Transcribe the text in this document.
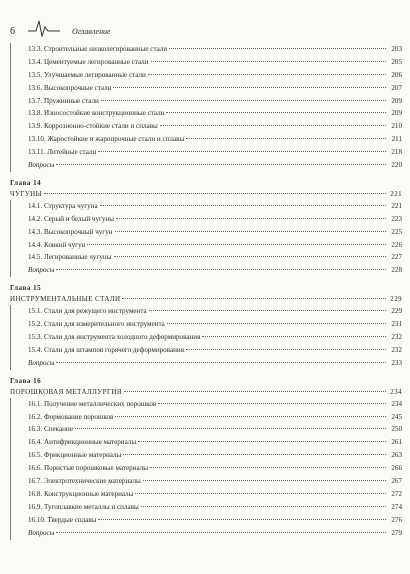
6	Оглавление
13.3. Строительные низколегированные стали	203
13.4. Цементуемые легированные стали	205
13.5. Улучшаемые легированные стали	206
13.6. Высокопрочные стали	207
13.7. Пружинные стали	209
13.8. Износостойкие конструкционные стали	209
13.9. Коррозионно-стойкие стали и сплавы	210
13.10. Жаростойкие и жаропрочные стали и сплавы	211
13.11. Литейные стали	218
Вопросы	220
Глава 14
ЧУГУНЫ	221
14.1. Структура чугуна	221
14.2. Серый и белый чугуны	223
14.3. Высокопрочный чугун	225
14.4. Ковкий чугун	226
14.5. Легированные чугуны	227
Вопросы	228
Глава 15
ИНСТРУМЕНТАЛЬНЫЕ СТАЛИ	229
15.1. Стали для режущего инструмента	229
15.2. Стали для измерительного инструмента	231
15.3. Стали для инструмента холодного деформирования	232
15.4. Стали для штампов горячего деформирования	232
Вопросы	233
Глава 16
ПОРОШКОВАЯ МЕТАЛЛУРГИЯ	234
16.1. Получение металлических порошков	234
16.2. Формование порошков	245
16.3. Спекание	250
16.4. Антифрикционные материалы	261
16.5. Фрикционные материалы	263
16.6. Пористые порошковые материалы	266
16.7. Электротехнические материалы	267
16.8. Конструкционные материалы	272
16.9. Тугоплавкие металлы и сплавы	274
16.10. Твердые сплавы	276
Вопросы	279
